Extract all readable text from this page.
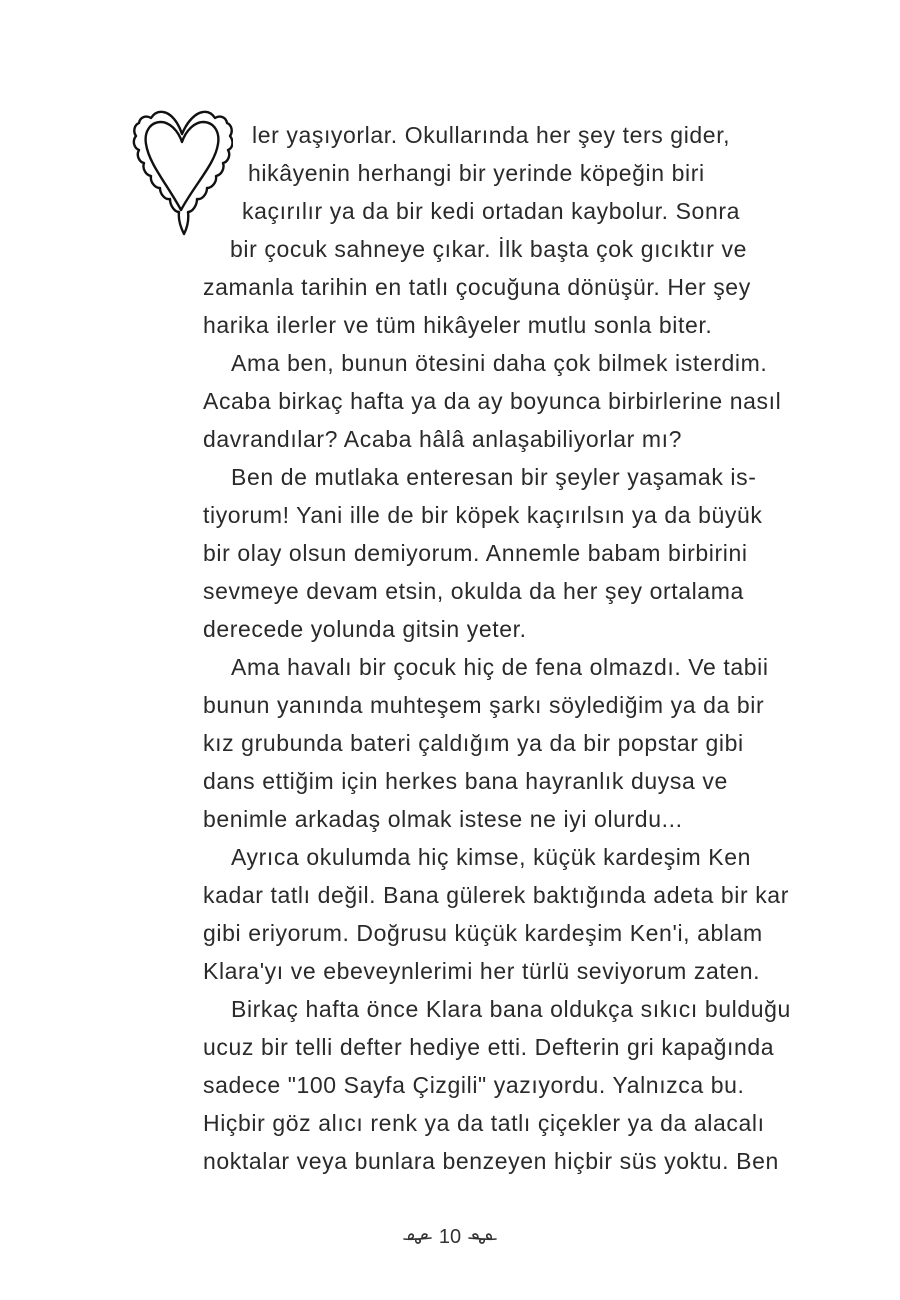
ler yaşıyorlar. Okullarında her şey ters gider,
hikâyenin herhangi bir yerinde köpeğin biri
kaçırılır ya da bir kedi ortadan kaybolur. Sonra
bir çocuk sahneye çıkar. İlk başta çok gıcıktır ve
zamanla tarihin en tatlı çocuğuna dönüşür. Her şey
harika ilerler ve tüm hikâyeler mutlu sonla biter.
Ama ben, bunun ötesini daha çok bilmek isterdim.
Acaba birkaç hafta ya da ay boyunca birbirlerine nasıl
davrandılar? Acaba hâlâ anlaşabiliyorlar mı?
Ben de mutlaka enteresan bir şeyler yaşamak is-
tiyorum! Yani ille de bir köpek kaçırılsın ya da büyük
bir olay olsun demiyorum. Annemle babam birbirini
sevmeye devam etsin, okulda da her şey ortalama
derecede yolunda gitsin yeter.
Ama havalı bir çocuk hiç de fena olmazdı. Ve tabii
bunun yanında muhteşem şarkı söylediğim ya da bir
kız grubunda bateri çaldığım ya da bir popstar gibi
dans ettiğim için herkes bana hayranlık duysa ve
benimle arkadaş olmak istese ne iyi olurdu...
Ayrıca okulumda hiç kimse, küçük kardeşim Ken
kadar tatlı değil. Bana gülerek baktığında adeta bir kar
gibi eriyorum. Doğrusu küçük kardeşim Ken'i, ablam
Klara'yı ve ebeveynlerimi her türlü seviyorum zaten.
Birkaç hafta önce Klara bana oldukça sıkıcı bulduğu
ucuz bir telli defter hediye etti. Defterin gri kapağında
sadece "100 Sayfa Çizgili" yazıyordu. Yalnızca bu.
Hiçbir göz alıcı renk ya da tatlı çiçekler ya da alacalı
noktalar veya bunlara benzeyen hiçbir süs yoktu. Ben
10
